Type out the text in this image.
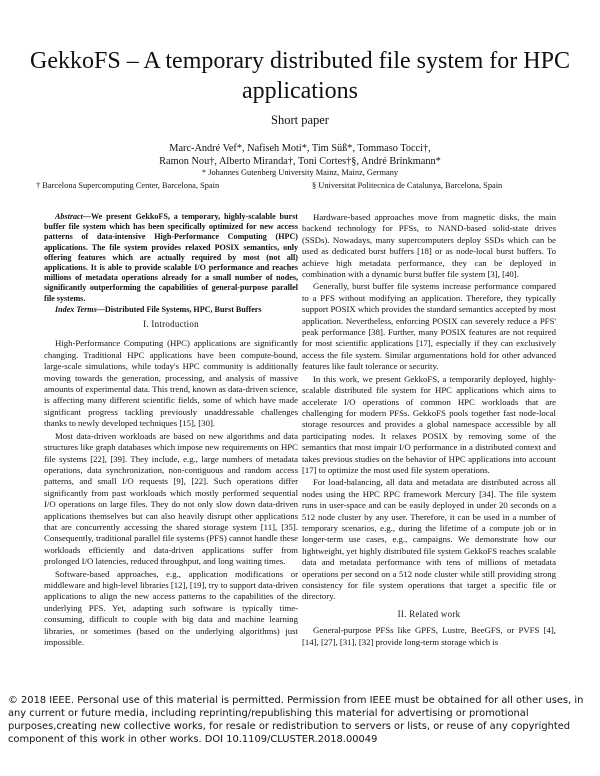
GekkoFS – A temporary distributed file system for HPC applications
Short paper
Marc-André Vef*, Nafiseh Moti*, Tim Süß*, Tommaso Tocci†,
Ramon Nou†, Alberto Miranda†, Toni Cortes†§, André Brinkmann*
* Johannes Gutenberg University Mainz, Mainz, Germany
† Barcelona Supercomputing Center, Barcelona, Spain	§ Universitat Politecnica de Catalunya, Barcelona, Spain

Abstract—We present GekkoFS, a temporary, highly-scalable burst buffer file system which has been specifically optimized for new access patterns of data-intensive High-Performance Computing (HPC) applications. The file system provides relaxed POSIX semantics, only offering features which are actually required by most (not all) applications. It is able to provide scalable I/O performance and reaches millions of metadata operations already for a small number of nodes, significantly outperforming the capabilities of general-purpose parallel file systems.

Index Terms—Distributed File Systems, HPC, Burst Buffers

I. Introduction

High-Performance Computing (HPC) applications are significantly changing. Traditional HPC applications have been compute-bound, large-scale simulations, while today's HPC community is additionally moving towards the generation, processing, and analysis of massive amounts of experimental data. This trend, known as data-driven science, is affecting many different scientific fields, some of which have made significant progress tackling previously unaddressable challenges thanks to newly developed techniques [15], [30].

Most data-driven workloads are based on new algorithms and data structures like graph databases which impose new requirements on HPC file systems [22], [39]. They include, e.g., large numbers of metadata operations, data synchronization, non-contiguous and random access patterns, and small I/O requests [9], [22]. Such operations differ significantly from past workloads which mostly performed sequential I/O operations on large files. They do not only slow down data-driven applications themselves but can also heavily disrupt other applications that are concurrently accessing the shared storage system [11], [35]. Consequently, traditional parallel file systems (PFS) cannot handle these workloads efficiently and data-driven applications suffer from prolonged I/O latencies, reduced throughput, and long waiting times.

Software-based approaches, e.g., application modifications or middleware and high-level libraries [12], [19], try to support data-driven applications to align the new access patterns to the capabilities of the underlying PFS. Yet, adapting such software is typically time-consuming, difficult to couple with big data and machine learning libraries, or sometimes (based on the underlying algorithms) just impossible.

Hardware-based approaches move from magnetic disks, the main backend technology for PFSs, to NAND-based solid-state drives (SSDs). Nowadays, many supercomputers deploy SSDs which can be used as dedicated burst buffers [18] or as node-local burst buffers. To achieve high metadata performance, they can be deployed in combination with a dynamic burst buffer file system [3], [40].

Generally, burst buffer file systems increase performance compared to a PFS without modifying an application. Therefore, they typically support POSIX which provides the standard semantics accepted by most application. Nevertheless, enforcing POSIX can severely reduce a PFS' peak performance [38]. Further, many POSIX features are not required for most scientific applications [17], especially if they can exclusively access the file system. Similar argumentations hold for other advanced features like fault tolerance or security.

In this work, we present GekkoFS, a temporarily deployed, highly-scalable distributed file system for HPC applications which aims to accelerate I/O operations of common HPC workloads that are challenging for modern PFSs. GekkoFS pools together fast node-local storage resources and provides a global namespace accessible by all participating nodes. It relaxes POSIX by removing some of the semantics that most impair I/O performance in a distributed context and takes previous studies on the behavior of HPC applications into account [17] to optimize the most used file system operations.

For load-balancing, all data and metadata are distributed across all nodes using the HPC RPC framework Mercury [34]. The file system runs in user-space and can be easily deployed in under 20 seconds on a 512 node cluster by any user. Therefore, it can be used in a number of temporary scenarios, e.g., during the lifetime of a compute job or in longer-term use cases, e.g., campaigns. We demonstrate how our lightweight, yet highly distributed file system GekkoFS reaches scalable data and metadata performance with tens of millions of metadata operations per second on a 512 node cluster while still providing strong consistency for file system operations that target a specific file or directory.

II. Related work

General-purpose PFSs like GPFS, Lustre, BeeGFS, or PVFS [4], [14], [27], [31], [32] provide long-term storage which is

© 2018 IEEE. Personal use of this material is permitted. Permission from IEEE must be obtained for all other uses, in any current or future media, including reprinting/republishing this material for advertising or promotional purposes,creating new collective works, for resale or redistribution to servers or lists, or reuse of any copyrighted component of this work in other works. DOI 10.1109/CLUSTER.2018.00049
